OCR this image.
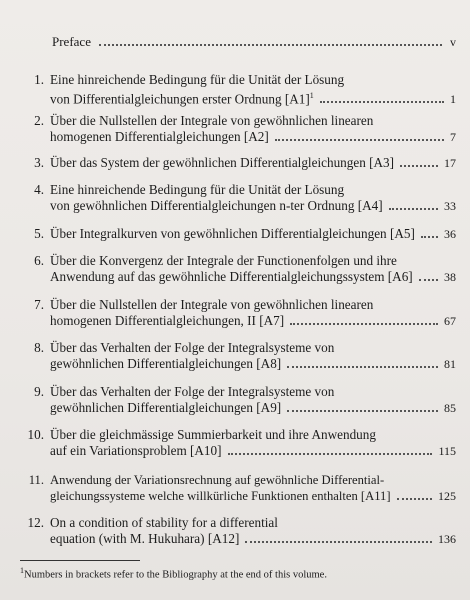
Preface	v
1. Eine hinreichende Bedingung für die Unität der Lösung
von Differentialgleichungen erster Ordnung $[A1]^1$	1
2. Über die Nullstellen der Integrale von gewöhnlichen linearen
homogenen Differentialgleichungen [A2]	7
3. Über das System der gewöhnlichen Differentialgleichungen [A3]	17
4. Eine hinreichende Bedingung für die Unität der Lösung
von gewöhnlichen Differentialgleichungen n-ter Ordnung [A4]	33
5. Über Integralkurven von gewöhnlichen Differentialgleichungen [A5] 36
6. Über die Konvergenz der Integrale der Functionenfolgen und ihre
Anwendung auf das gewöhnliche Differentialgleichungssystem [A6]	38
7. Über die Nullstellen der Integrale von gewöhnlichen linearen
homogenen Differentialgleichungen, II [A7]	67
8. Über das Verhalten der Folge der Integralsysteme von
gewöhnlichen Differentialgleichungen [A8]	81
9. Über das Verhalten der Folge der Integralsysteme von
gewöhnlichen Differentialgleichungen [A9]	85
10. Über die gleichmässige Summierbarkeit und ihre Anwendung
auf ein Variationsproblem [A10]	115
11. Anwendung der Variationsrechnung auf gewöhnliche Differential-
gleichungssysteme welche willkürliche Funktionen enthalten [A11]	125
12. On a condition of stability for a differential
equation (with M. Hukuhara) [A12]	136
$^1$Numbers in brackets refer to the Bibliography at the end of this volume.
